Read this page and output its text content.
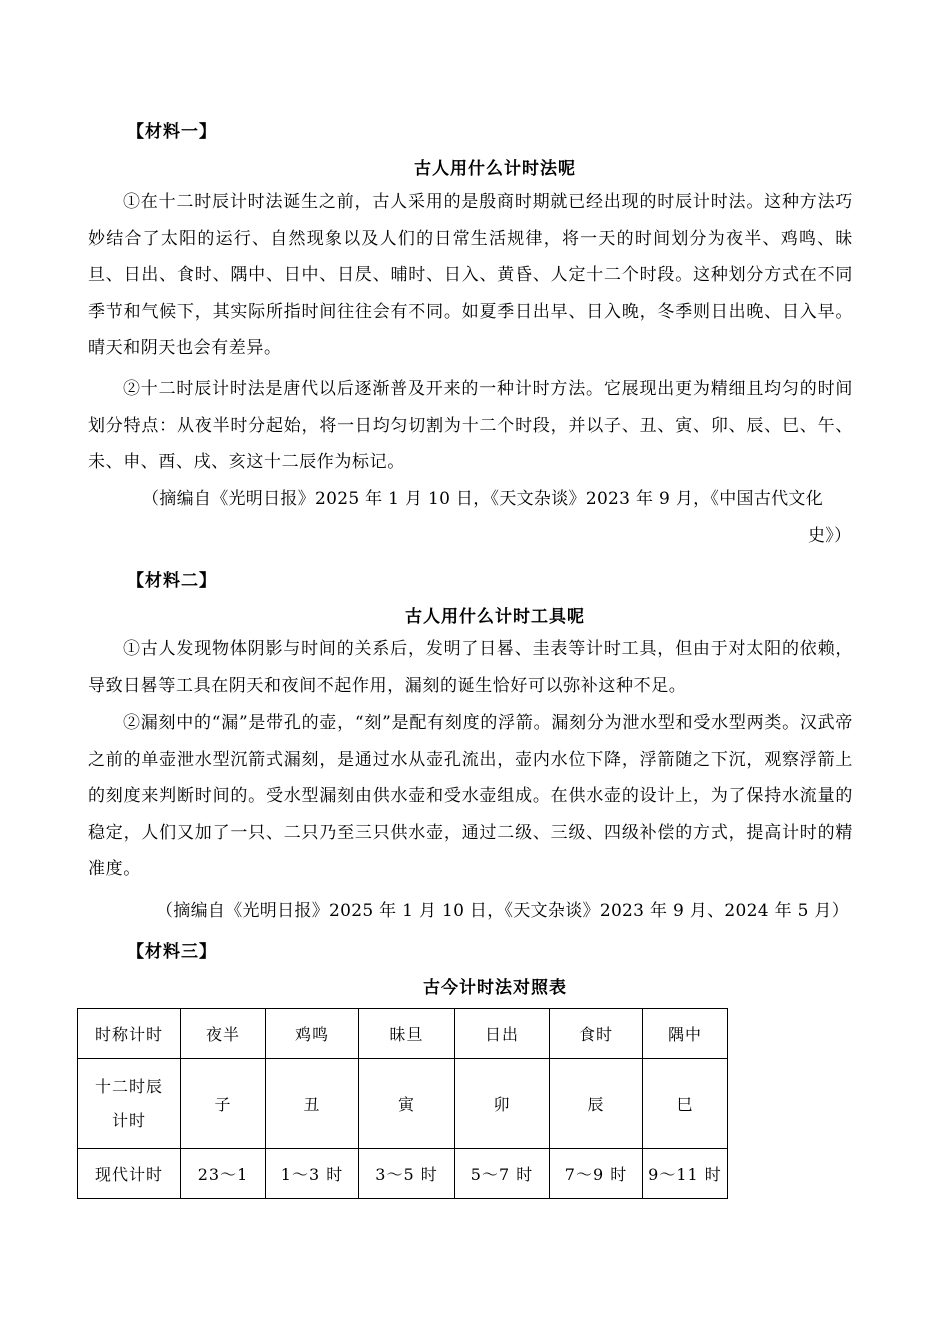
【材料一】
古人用什么计时法呢
①在十二时辰计时法诞生之前，古人采用的是殷商时期就已经出现的时辰计时法。这种方法巧妙结合了太阳的运行、自然现象以及人们的日常生活规律，将一天的时间划分为夜半、鸡鸣、昧旦、日出、食时、隅中、日中、日昃、晡时、日入、黄昏、人定十二个时段。这种划分方式在不同季节和气候下，其实际所指时间往往会有不同。如夏季日出早、日入晚，冬季则日出晚、日入早。晴天和阴天也会有差异。
②十二时辰计时法是唐代以后逐渐普及开来的一种计时方法。它展现出更为精细且均匀的时间划分特点：从夜半时分起始，将一日均匀切割为十二个时段，并以子、丑、寅、卯、辰、巳、午、未、申、酉、戌、亥这十二辰作为标记。
（摘编自《光明日报》2025 年 1 月 10 日，《天文杂谈》2023 年 9 月，《中国古代文化
史》）
【材料二】
古人用什么计时工具呢
①古人发现物体阴影与时间的关系后，发明了日晷、圭表等计时工具，但由于对太阳的依赖，导致日晷等工具在阴天和夜间不起作用，漏刻的诞生恰好可以弥补这种不足。
②漏刻中的“漏”是带孔的壶，“刻”是配有刻度的浮箭。漏刻分为泄水型和受水型两类。汉武帝之前的单壶泄水型沉箭式漏刻，是通过水从壶孔流出，壶内水位下降，浮箭随之下沉，观察浮箭上的刻度来判断时间的。受水型漏刻由供水壶和受水壶组成。在供水壶的设计上，为了保持水流量的稳定，人们又加了一只、二只乃至三只供水壶，通过二级、三级、四级补偿的方式，提高计时的精准度。
（摘编自《光明日报》2025 年 1 月 10 日，《天文杂谈》2023 年 9 月、2024 年 5 月）
【材料三】
古今计时法对照表
时称计时	夜半	鸡鸣	昧旦	日出	食时	隅中

十二时辰
计时	子	丑	寅	卯	辰	巳
现代计时	23～1	1～3 时	3～5 时	5～7 时	7～9 时	9～11 时
